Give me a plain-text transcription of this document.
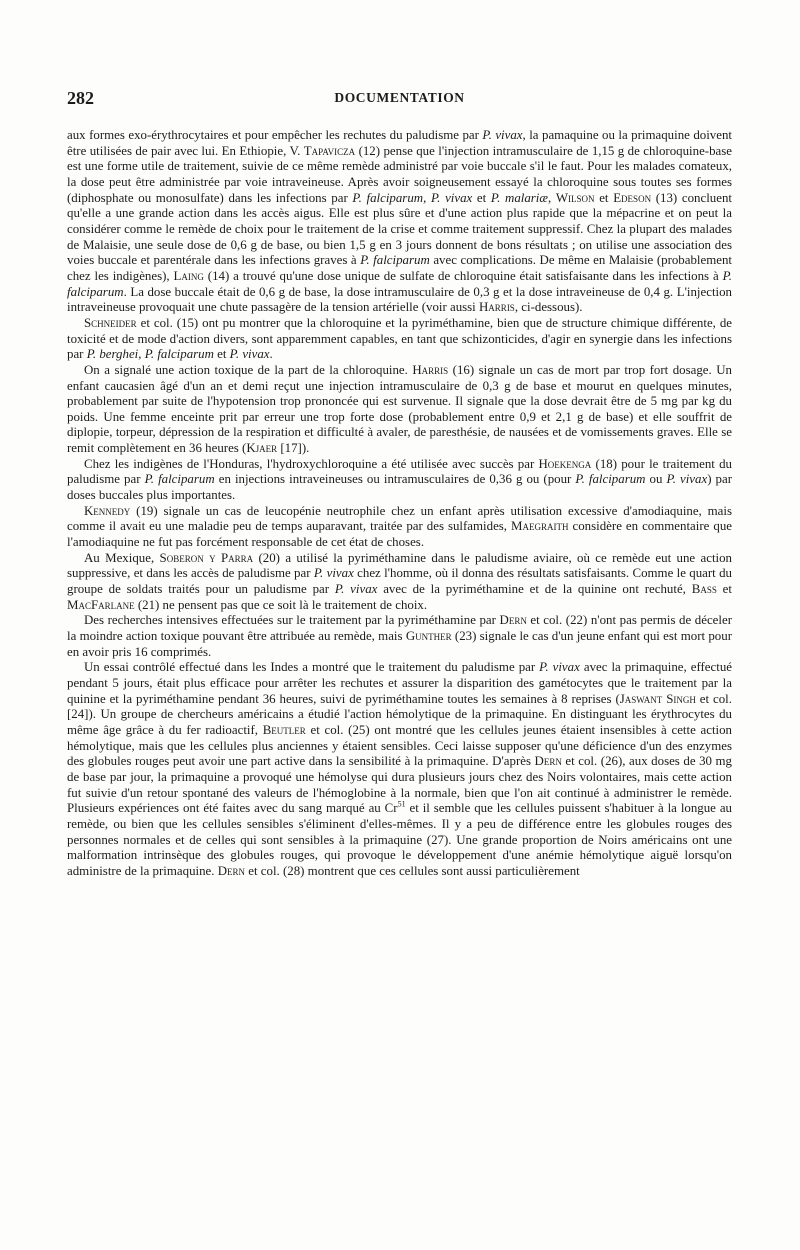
282	DOCUMENTATION

aux formes exo-érythrocytaires et pour empêcher les rechutes du paludisme par P. vivax, la pamaquine ou la primaquine doivent être utilisées de pair avec lui. En Ethiopie, V. Tapavicza (12) pense que l'injection intramusculaire de 1,15 g de chloroquine-base est une forme utile de traitement, suivie de ce même remède administré par voie buccale s'il le faut. Pour les malades comateux, la dose peut être administrée par voie intraveineuse. Après avoir soigneusement essayé la chloroquine sous toutes ses formes (diphosphate ou monosulfate) dans les infections par P. falciparum, P. vivax et P. malariæ, Wilson et Edeson (13) concluent qu'elle a une grande action dans les accès aigus. Elle est plus sûre et d'une action plus rapide que la mépacrine et on peut la considérer comme le remède de choix pour le traitement de la crise et comme traitement suppressif. Chez la plupart des malades de Malaisie, une seule dose de 0,6 g de base, ou bien 1,5 g en 3 jours donnent de bons résultats ; on utilise une association des voies buccale et parentérale dans les infections graves à P. falciparum avec complications. De même en Malaisie (probablement chez les indigènes), Laing (14) a trouvé qu'une dose unique de sulfate de chloroquine était satisfaisante dans les infections à P. falciparum. La dose buccale était de 0,6 g de base, la dose intramusculaire de 0,3 g et la dose intraveineuse de 0,4 g. L'injection intraveineuse provoquait une chute passagère de la tension artérielle (voir aussi Harris, ci-dessous).

Schneider et col. (15) ont pu montrer que la chloroquine et la pyriméthamine, bien que de structure chimique différente, de toxicité et de mode d'action divers, sont apparemment capables, en tant que schizonticides, d'agir en synergie dans les infections par P. berghei, P. falciparum et P. vivax.

On a signalé une action toxique de la part de la chloroquine. Harris (16) signale un cas de mort par trop fort dosage. Un enfant caucasien âgé d'un an et demi reçut une injection intramusculaire de 0,3 g de base et mourut en quelques minutes, probablement par suite de l'hypotension trop prononcée qui est survenue. Il signale que la dose devrait être de 5 mg par kg du poids. Une femme enceinte prit par erreur une trop forte dose (probablement entre 0,9 et 2,1 g de base) et elle souffrit de diplopie, torpeur, dépression de la respiration et difficulté à avaler, de paresthésie, de nausées et de vomissements graves. Elle se remit complètement en 36 heures (Kjaer [17]).

Chez les indigènes de l'Honduras, l'hydroxychloroquine a été utilisée avec succès par Hoekenga (18) pour le traitement du paludisme par P. falciparum en injections intraveineuses ou intramusculaires de 0,36 g ou (pour P. falciparum ou P. vivax) par doses buccales plus importantes.

Kennedy (19) signale un cas de leucopénie neutrophile chez un enfant après utilisation excessive d'amodiaquine, mais comme il avait eu une maladie peu de temps auparavant, traitée par des sulfamides, Maegraith considère en commentaire que l'amodiaquine ne fut pas forcément responsable de cet état de choses.

Au Mexique, Soberon y Parra (20) a utilisé la pyriméthamine dans le paludisme aviaire, où ce remède eut une action suppressive, et dans les accès de paludisme par P. vivax chez l'homme, où il donna des résultats satisfaisants. Comme le quart du groupe de soldats traités pour un paludisme par P. vivax avec de la pyriméthamine et de la quinine ont rechuté, Bass et MacFarlane (21) ne pensent pas que ce soit là le traitement de choix.

Des recherches intensives effectuées sur le traitement par la pyriméthamine par Dern et col. (22) n'ont pas permis de déceler la moindre action toxique pouvant être attribuée au remède, mais Gunther (23) signale le cas d'un jeune enfant qui est mort pour en avoir pris 16 comprimés.

Un essai contrôlé effectué dans les Indes a montré que le traitement du paludisme par P. vivax avec la primaquine, effectué pendant 5 jours, était plus efficace pour arrêter les rechutes et assurer la disparition des gamétocytes que le traitement par la quinine et la pyriméthamine pendant 36 heures, suivi de pyriméthamine toutes les semaines à 8 reprises (Jaswant Singh et col. [24]). Un groupe de chercheurs américains a étudié l'action hémolytique de la primaquine. En distinguant les érythrocytes du même âge grâce à du fer radioactif, Beutler et col. (25) ont montré que les cellules jeunes étaient insensibles à cette action hémolytique, mais que les cellules plus anciennes y étaient sensibles. Ceci laisse supposer qu'une déficience d'un des enzymes des globules rouges peut avoir une part active dans la sensibilité à la primaquine. D'après Dern et col. (26), aux doses de 30 mg de base par jour, la primaquine a provoqué une hémolyse qui dura plusieurs jours chez des Noirs volontaires, mais cette action fut suivie d'un retour spontané des valeurs de l'hémoglobine à la normale, bien que l'on ait continué à administrer le remède. Plusieurs expériences ont été faites avec du sang marqué au Cr$^{51}$ et il semble que les cellules puissent s'habituer à la longue au remède, ou bien que les cellules sensibles s'éliminent d'elles-mêmes. Il y a peu de différence entre les globules rouges des personnes normales et de celles qui sont sensibles à la primaquine (27). Une grande proportion de Noirs américains ont une malformation intrinsèque des globules rouges, qui provoque le développement d'une anémie hémolytique aiguë lorsqu'on administre de la primaquine. Dern et col. (28) montrent que ces cellules sont aussi particulièrement
